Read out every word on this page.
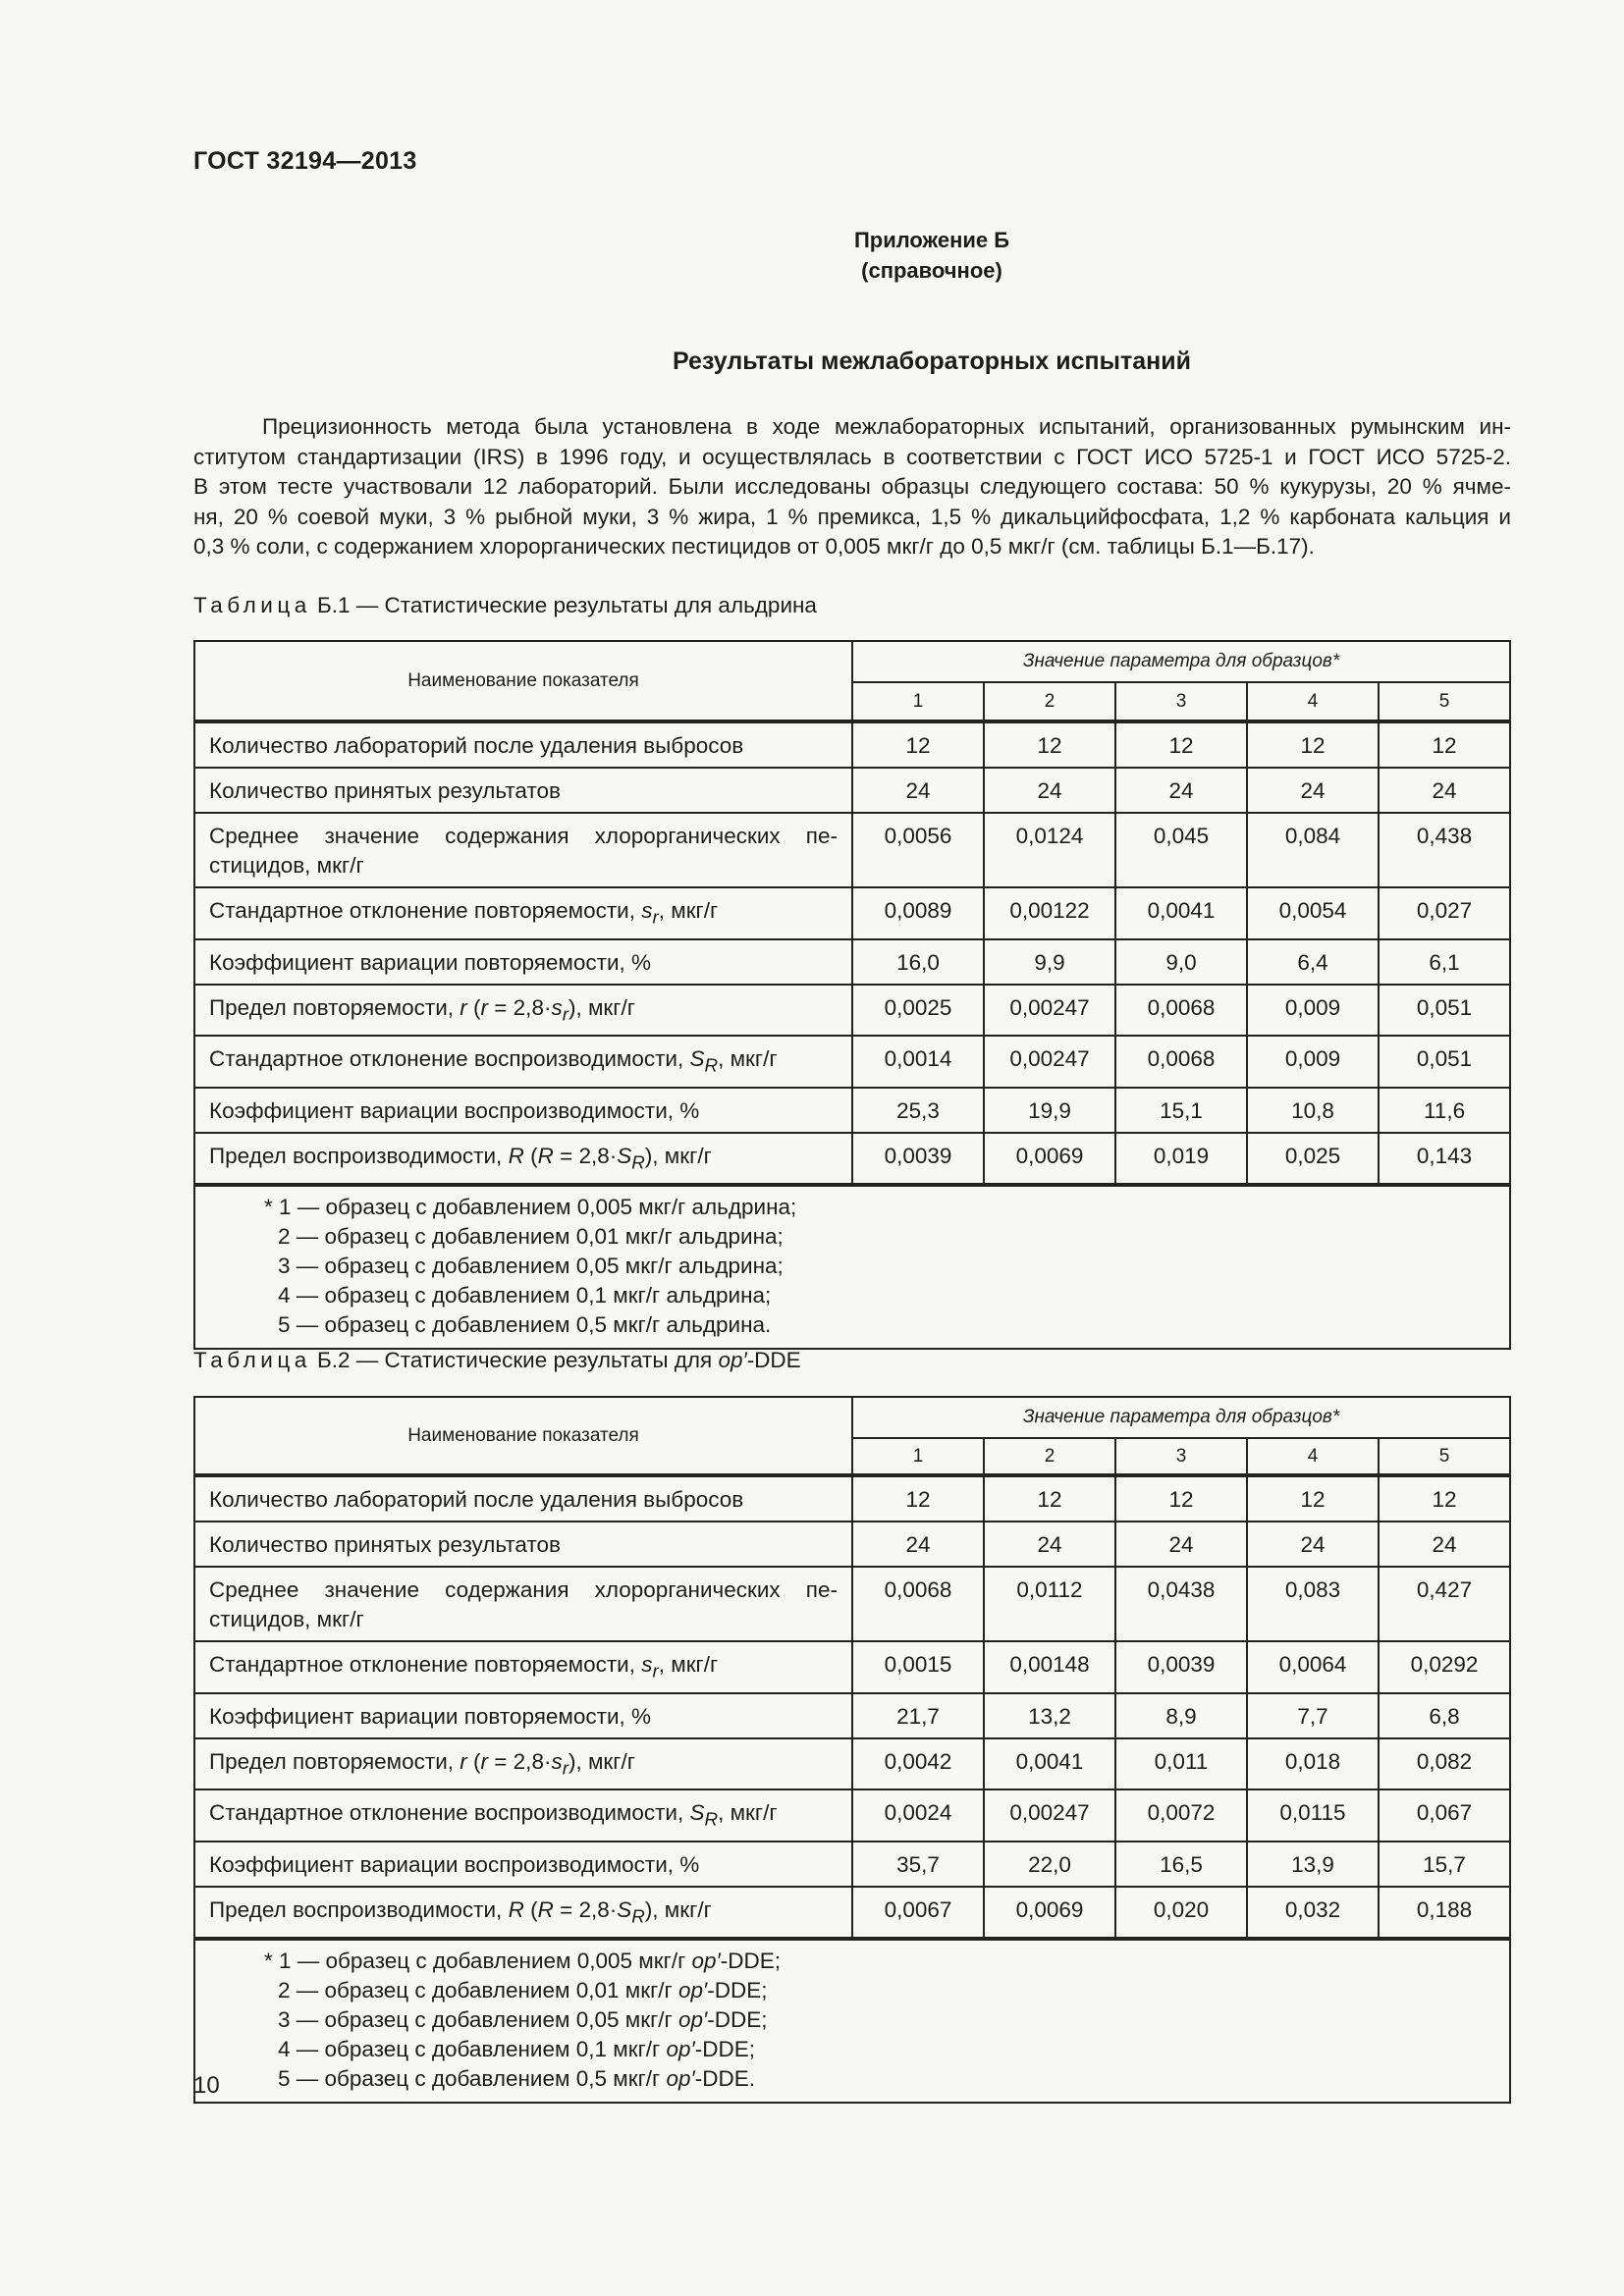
ГОСТ 32194—2013
Приложение Б
(справочное)
Результаты межлабораторных испытаний
Прецизионность метода была установлена в ходе межлабораторных испытаний, организованных румынским ин-
ститутом стандартизации (IRS) в 1996 году, и осуществлялась в соответствии с ГОСТ ИСО 5725-1 и ГОСТ ИСО 5725-2.
В этом тесте участвовали 12 лабораторий. Были исследованы образцы следующего состава: 50 % кукурузы, 20 % ячме-
ня, 20 % соевой муки, 3 % рыбной муки, 3 % жира, 1 % премикса, 1,5 % дикальцийфосфата, 1,2 % карбоната кальция и
0,3 % соли, с содержанием хлорорганических пестицидов от 0,005 мкг/г до 0,5 мкг/г (см. таблицы Б.1—Б.17).
Таблица Б.1 — Статистические результаты для альдрина
Наименование показателя	Значение параметра для образцов*				
	1	2	3	4	5
Количество лабораторий после удаления выбросов	12	12	12	12	12
Количество принятых результатов	24	24	24	24	24

Среднее значение содержания хлорорганических пе-
стицидов, мкг/г	0,0056	0,0124	0,045	0,084	0,438
Стандартное отклонение повторяемости, $s_r$, мкг/г	0,0089	0,00122	0,0041	0,0054	0,027
Коэффициент вариации повторяемости, %	16,0	9,9	9,0	6,4	6,1
Предел повторяемости, r $(r = 2,8\cdot s_r)$, мкг/г	0,0025	0,00247	0,0068	0,009	0,051
Стандартное отклонение воспроизводимости, $S_R$, мкг/г	0,0014	0,00247	0,0068	0,009	0,051
Коэффициент вариации воспроизводимости, %	25,3	19,9	15,1	10,8	11,6
Предел воспроизводимости, R $(R = 2,8\cdot S_R)$, мкг/г	0,0039	0,0069	0,019	0,025	0,143

* 1 — образец с добавлением 0,005 мкг/г альдрина;
2 — образец с добавлением 0,01 мкг/г альдрина;
3 — образец с добавлением 0,05 мкг/г альдрина;
4 — образец с добавлением 0,1 мкг/г альдрина;
5 — образец с добавлением 0,5 мкг/г альдрина.					
Таблица Б.2 — Статистические результаты для op′-DDE
Наименование показателя	Значение параметра для образцов*				
	1	2	3	4	5
Количество лабораторий после удаления выбросов	12	12	12	12	12
Количество принятых результатов	24	24	24	24	24

Среднее значение содержания хлорорганических пе-
стицидов, мкг/г	0,0068	0,0112	0,0438	0,083	0,427
Стандартное отклонение повторяемости, $s_r$, мкг/г	0,0015	0,00148	0,0039	0,0064	0,0292
Коэффициент вариации повторяемости, %	21,7	13,2	8,9	7,7	6,8
Предел повторяемости, r $(r = 2,8\cdot s_r)$, мкг/г	0,0042	0,0041	0,011	0,018	0,082
Стандартное отклонение воспроизводимости, $S_R$, мкг/г	0,0024	0,00247	0,0072	0,0115	0,067
Коэффициент вариации воспроизводимости, %	35,7	22,0	16,5	13,9	15,7
Предел воспроизводимости, R $(R = 2,8\cdot S_R)$, мкг/г	0,0067	0,0069	0,020	0,032	0,188

* 1 — образец с добавлением 0,005 мкг/г op′-DDE;
2 — образец с добавлением 0,01 мкг/г op′-DDE;
3 — образец с добавлением 0,05 мкг/г op′-DDE;
4 — образец с добавлением 0,1 мкг/г op′-DDE;
5 — образец с добавлением 0,5 мкг/г op′-DDE.					
10
